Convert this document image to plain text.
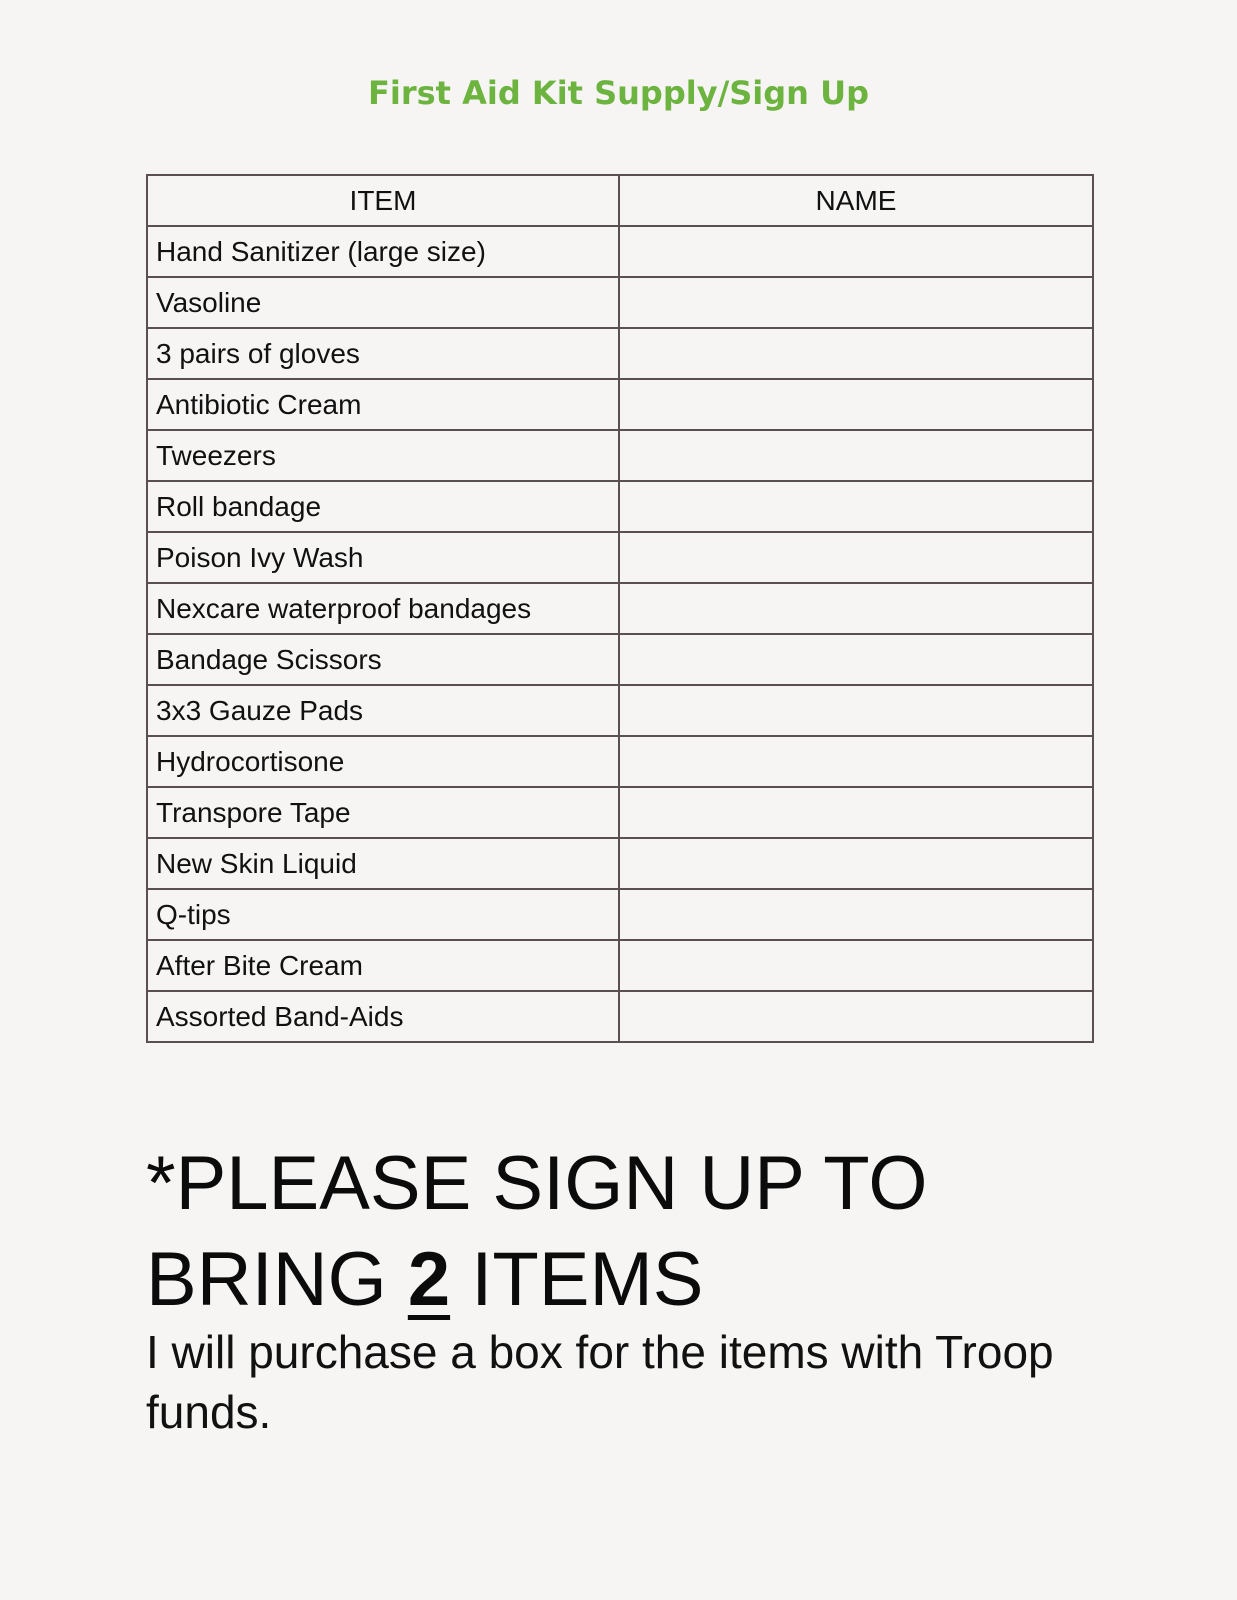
First Aid Kit Supply/Sign Up
ITEM	NAME
Hand Sanitizer (large size)	
Vasoline	
3 pairs of gloves	
Antibiotic Cream	
Tweezers	
Roll bandage	
Poison Ivy Wash	
Nexcare waterproof bandages	
Bandage Scissors	
3x3 Gauze Pads	
Hydrocortisone	
Transpore Tape	
New Skin Liquid	
Q-tips	
After Bite Cream	
Assorted Band-Aids	
*PLEASE SIGN UP TO
BRING 2 ITEMS
I will purchase a box for the items with Troop funds.
